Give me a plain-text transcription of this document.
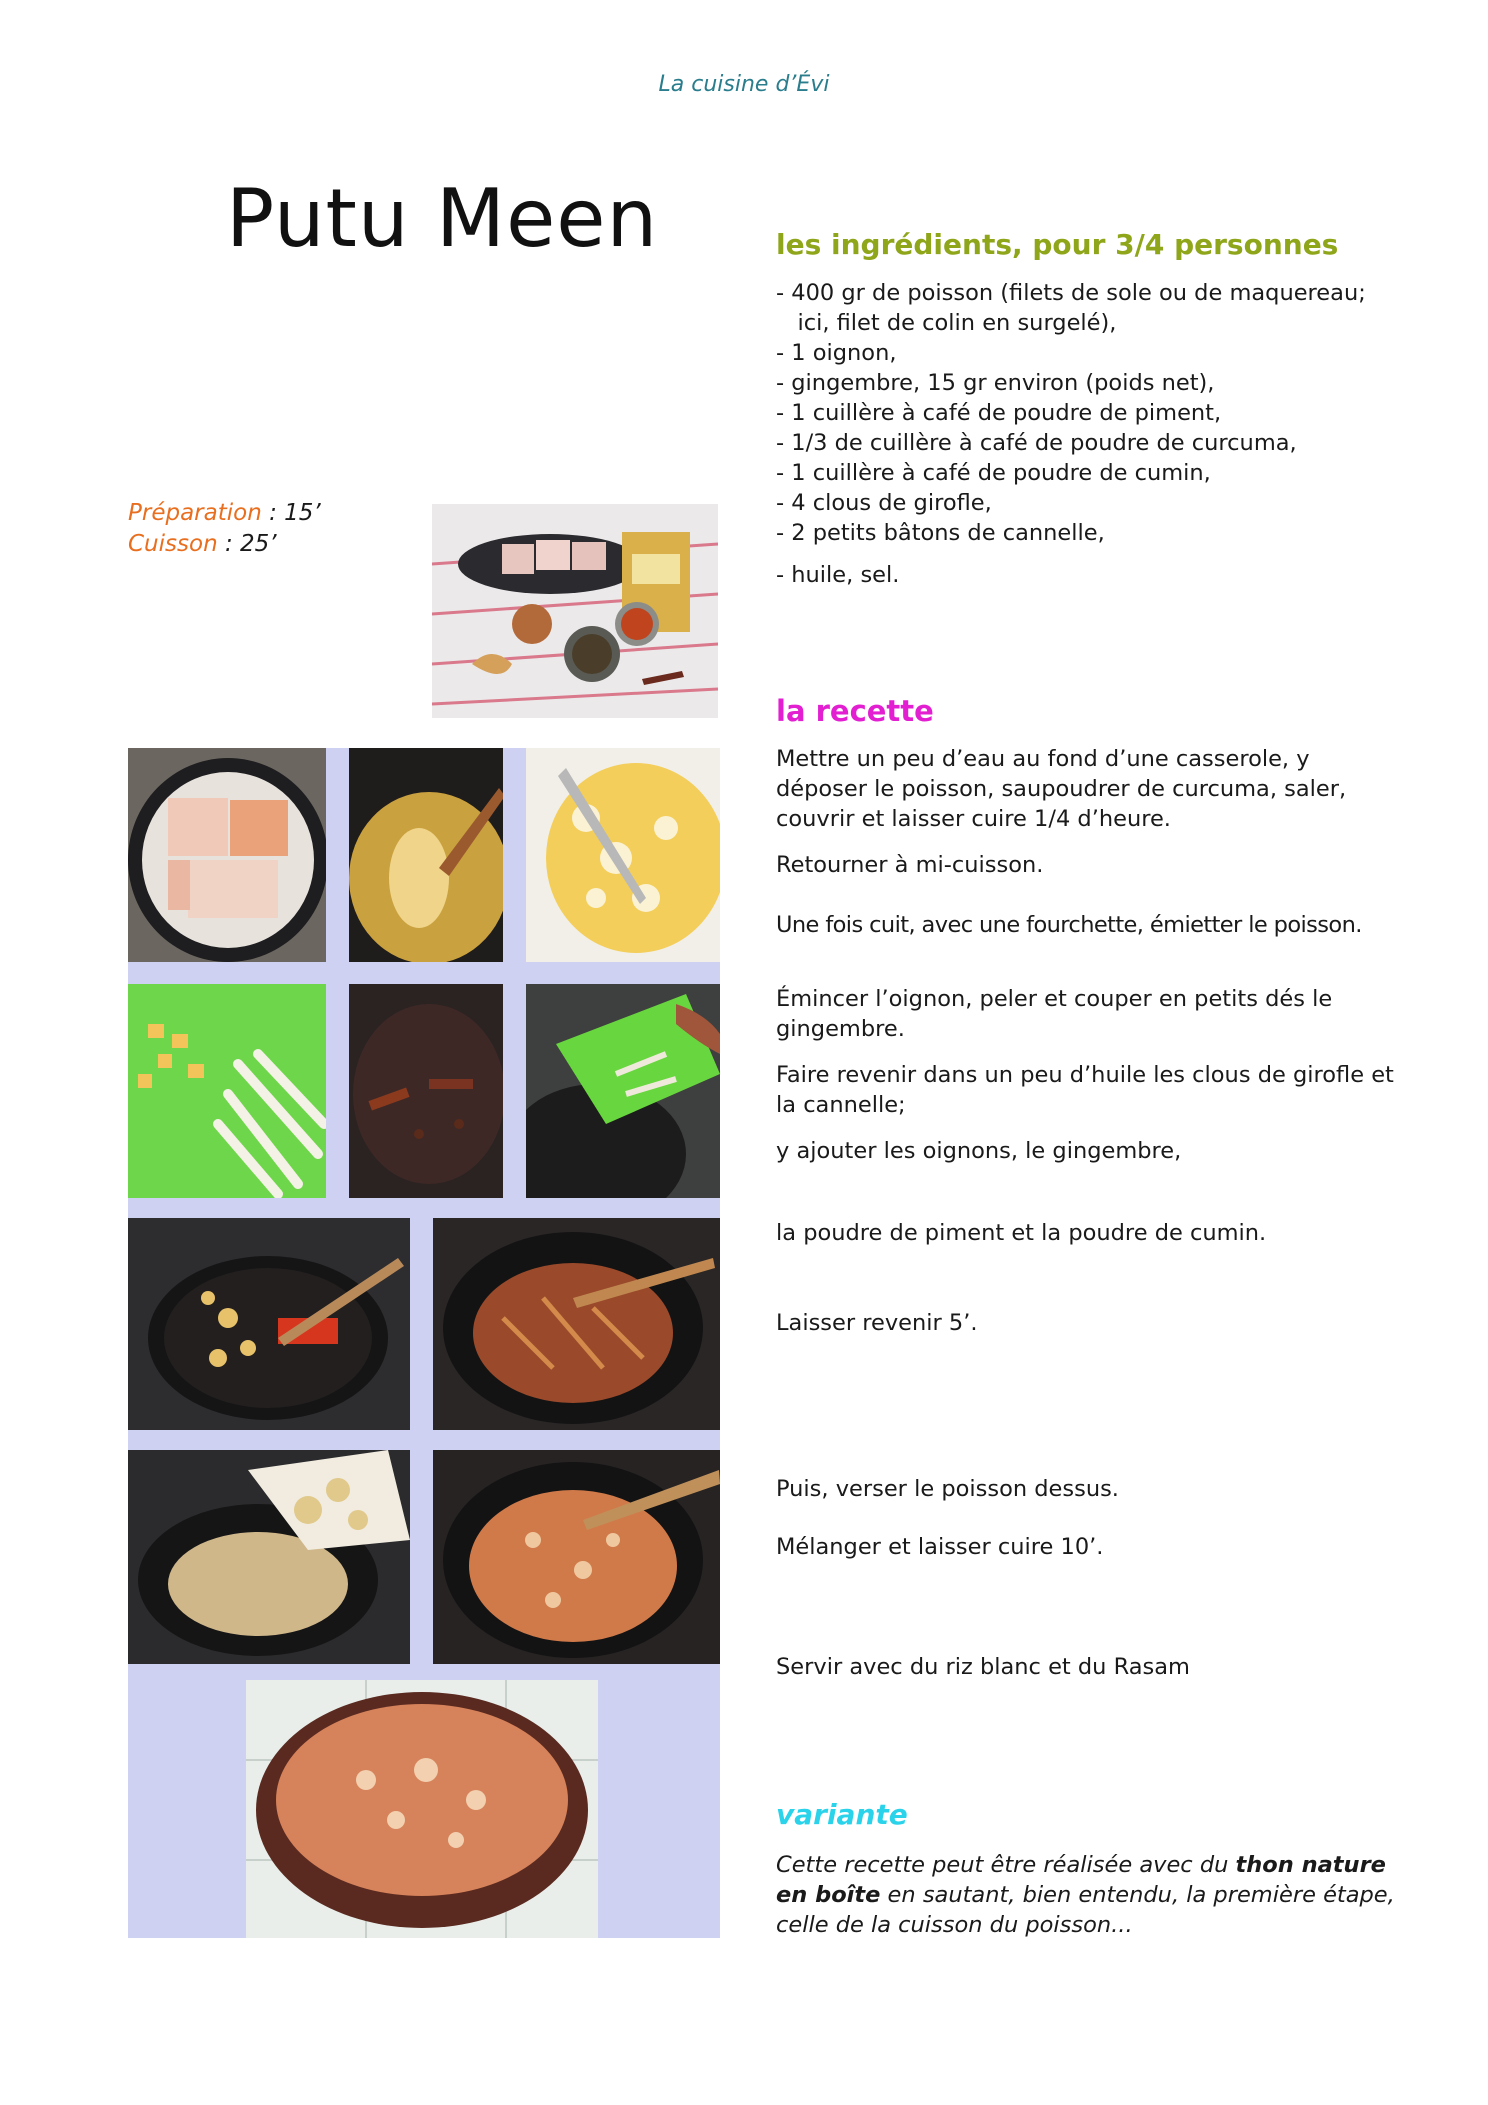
La cuisine d’Évi
Putu Meen
Préparation : 15’
Cuisson : 25’
les ingrédients, pour 3/4 personnes
- 400 gr de poisson (filets de sole ou de maquereau;
ici, filet de colin en surgelé),
- 1 oignon,
- gingembre, 15 gr environ (poids net),
- 1 cuillère à café de poudre de piment,
- 1/3 de cuillère à café de poudre de curcuma,
- 1 cuillère à café de poudre de cumin,
- 4 clous de girofle,
- 2 petits bâtons de cannelle,
- huile, sel.
la recette
Mettre un peu d’eau au fond d’une casserole, y déposer le poisson, saupoudrer de curcuma, saler, couvrir et laisser cuire 1/4 d’heure.
Retourner à mi-cuisson.
Une fois cuit, avec une fourchette, émietter le poisson.
Émincer l’oignon, peler et couper en petits dés le gingembre.
Faire revenir dans un peu d’huile les clous de girofle et la cannelle;
y ajouter les oignons, le gingembre,
la poudre de piment et la poudre de cumin.
Laisser revenir 5’.
Puis, verser le poisson dessus.
Mélanger et laisser cuire 10’.
Servir avec du riz blanc et du Rasam
variante
Cette recette peut être réalisée avec du thon nature en boîte en sautant, bien entendu, la première étape, celle de la cuisson du poisson...
